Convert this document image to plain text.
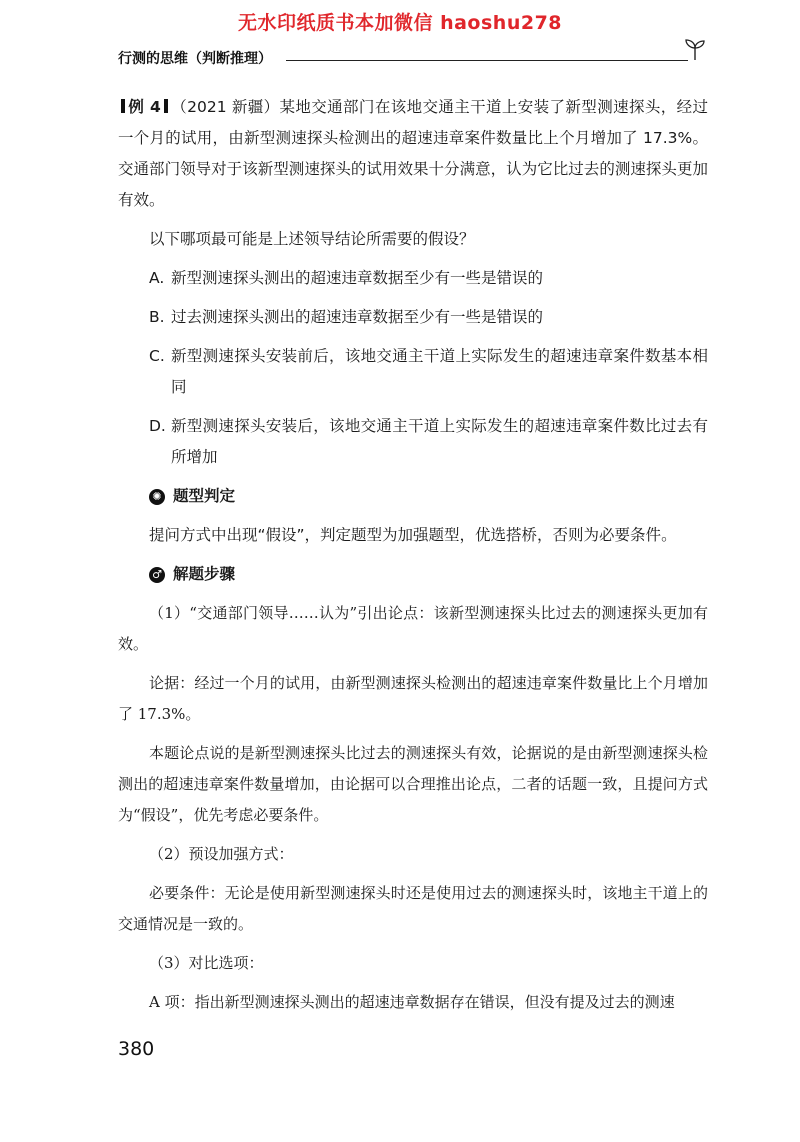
无水印纸质书本加微信 haoshu278
行测的思维（判断推理）

例 4 （2021 新疆）某地交通部门在该地交通主干道上安装了新型测速探头，经过一个月的试用，由新型测速探头检测出的超速违章案件数量比上个月增加了 17.3%。交通部门领导对于该新型测速探头的试用效果十分满意，认为它比过去的测速探头更加有效。

以下哪项最可能是上述领导结论所需要的假设？

A. 新型测速探头测出的超速违章数据至少有一些是错误的
B. 过去测速探头测出的超速违章数据至少有一些是错误的
C. 新型测速探头安装前后，该地交通主干道上实际发生的超速违章案件数基本相同
D. 新型测速探头安装后，该地交通主干道上实际发生的超速违章案件数比过去有所增加
✺ 题型判定

提问方式中出现“假设”，判定题型为加强题型，优选搭桥，否则为必要条件。

♂ 解题步骤

（1）“交通部门领导……认为”引出论点：该新型测速探头比过去的测速探头更加有效。

论据：经过一个月的试用，由新型测速探头检测出的超速违章案件数量比上个月增加了 17.3%。

本题论点说的是新型测速探头比过去的测速探头有效，论据说的是由新型测速探头检测出的超速违章案件数量增加，由论据可以合理推出论点，二者的话题一致，且提问方式为“假设”，优先考虑必要条件。

（2）预设加强方式：

必要条件：无论是使用新型测速探头时还是使用过去的测速探头时，该地主干道上的交通情况是一致的。

（3）对比选项：

A 项：指出新型测速探头测出的超速违章数据存在错误，但没有提及过去的测速

380
